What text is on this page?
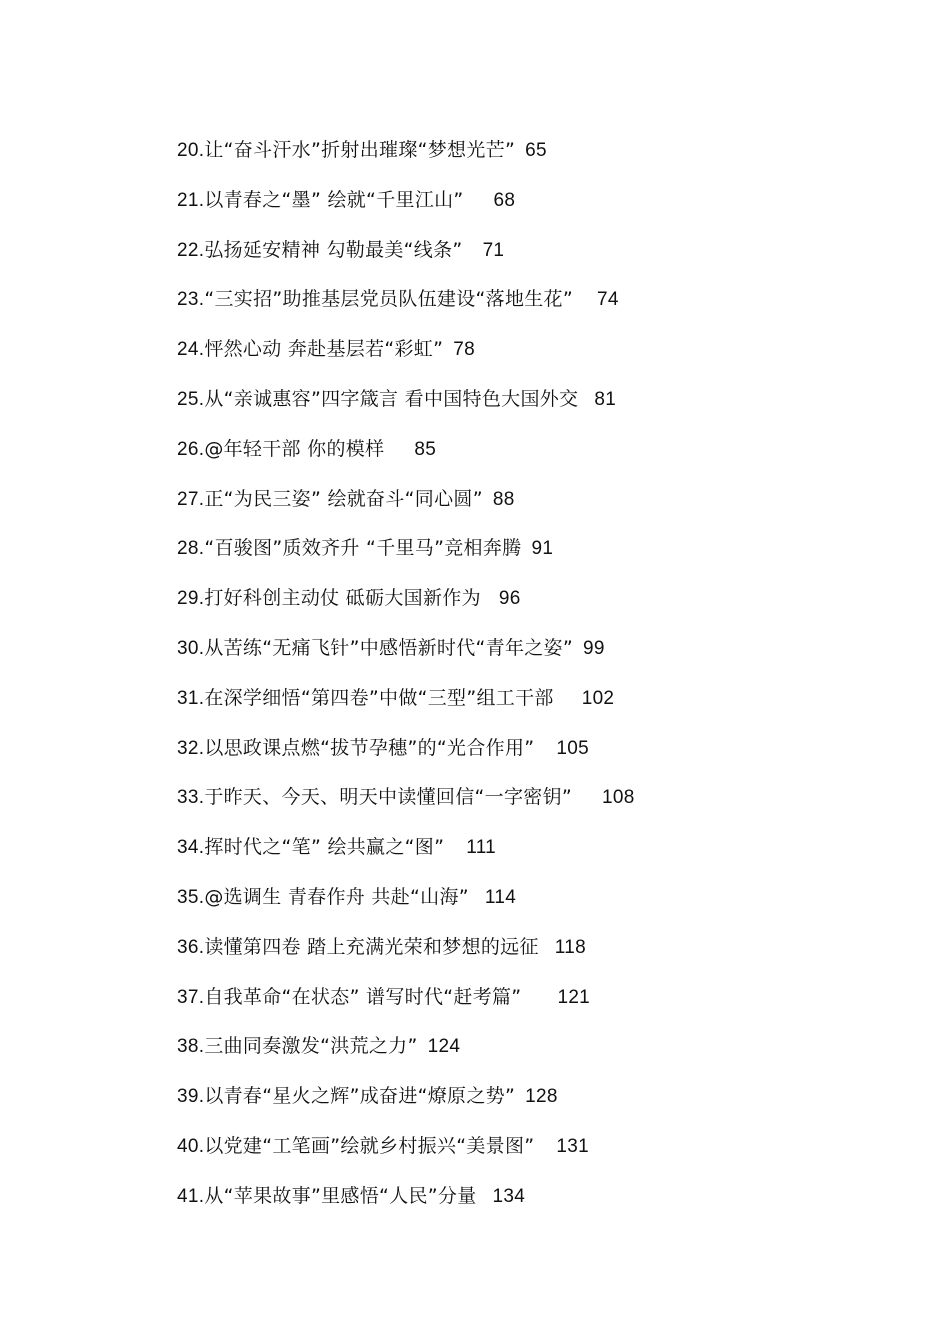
20.让“奋斗汗水”折射出璀璨“梦想光芒” 65
21.以青春之“墨” 绘就“千里江山” 68
22.弘扬延安精神 勾勒最美“线条” 71
23.“三实招”助推基层党员队伍建设“落地生花” 74
24.怦然心动 奔赴基层若“彩虹” 78
25.从“亲诚惠容”四字箴言 看中国特色大国外交 81
26.@年轻干部 你的模样 85
27.正“为民三姿” 绘就奋斗“同心圆” 88
28.“百骏图”质效齐升 “千里马”竞相奔腾 91
29.打好科创主动仗 砥砺大国新作为 96
30.从苦练“无痛飞针”中感悟新时代“青年之姿” 99
31.在深学细悟“第四卷”中做“三型”组工干部 102
32.以思政课点燃“拔节孕穗”的“光合作用” 105
33.于昨天、今天、明天中读懂回信“一字密钥” 108
34.挥时代之“笔” 绘共赢之“图” 111
35.@选调生 青春作舟 共赴“山海” 114
36.读懂第四卷 踏上充满光荣和梦想的远征 118
37.自我革命“在状态” 谱写时代“赶考篇” 121
38.三曲同奏激发“洪荒之力” 124
39.以青春“星火之辉”成奋进“燎原之势” 128
40.以党建“工笔画”绘就乡村振兴“美景图” 131
41.从“苹果故事”里感悟“人民”分量 134
